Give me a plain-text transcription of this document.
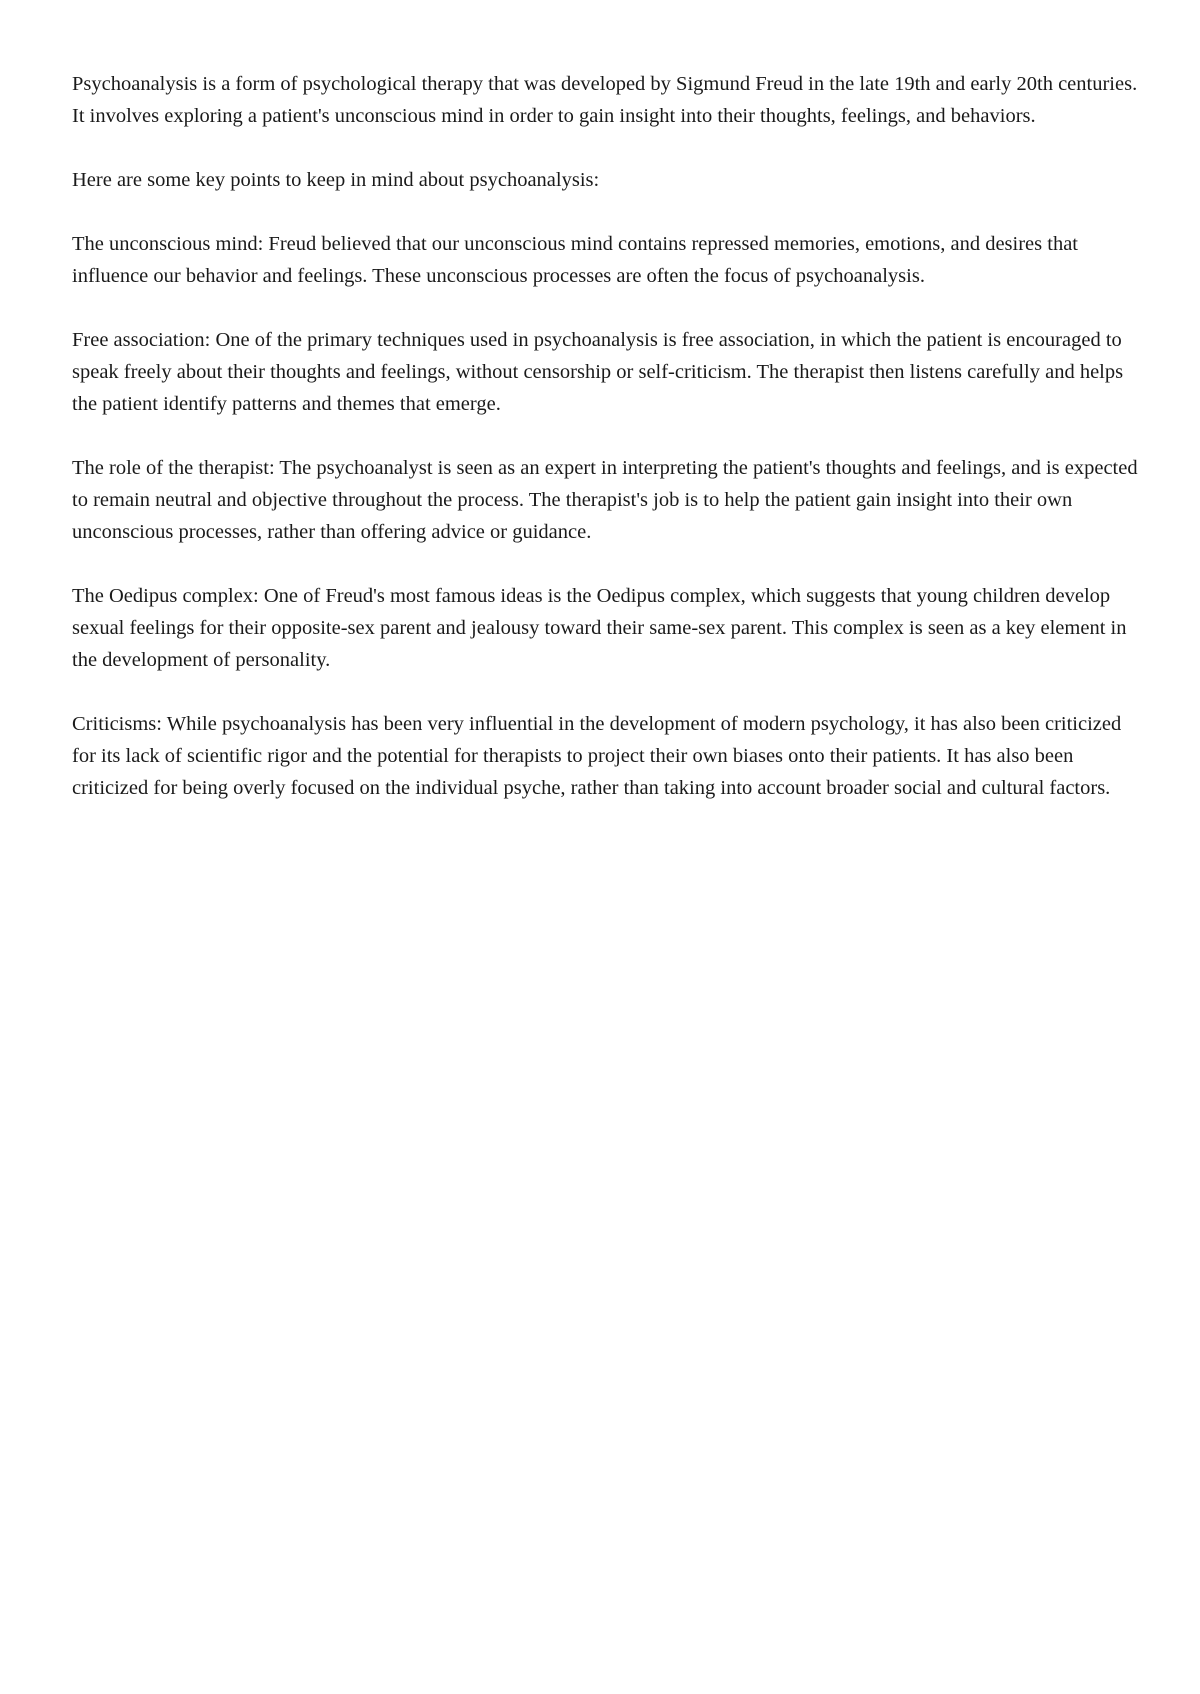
Psychoanalysis is a form of psychological therapy that was developed by Sigmund Freud in the late 19th and early 20th centuries. It involves exploring a patient's unconscious mind in order to gain insight into their thoughts, feelings, and behaviors.

Here are some key points to keep in mind about psychoanalysis:

The unconscious mind: Freud believed that our unconscious mind contains repressed memories, emotions, and desires that influence our behavior and feelings. These unconscious processes are often the focus of psychoanalysis.

Free association: One of the primary techniques used in psychoanalysis is free association, in which the patient is encouraged to speak freely about their thoughts and feelings, without censorship or self-criticism. The therapist then listens carefully and helps the patient identify patterns and themes that emerge.

The role of the therapist: The psychoanalyst is seen as an expert in interpreting the patient's thoughts and feelings, and is expected to remain neutral and objective throughout the process. The therapist's job is to help the patient gain insight into their own unconscious processes, rather than offering advice or guidance.

The Oedipus complex: One of Freud's most famous ideas is the Oedipus complex, which suggests that young children develop sexual feelings for their opposite-sex parent and jealousy toward their same-sex parent. This complex is seen as a key element in the development of personality.

Criticisms: While psychoanalysis has been very influential in the development of modern psychology, it has also been criticized for its lack of scientific rigor and the potential for therapists to project their own biases onto their patients. It has also been criticized for being overly focused on the individual psyche, rather than taking into account broader social and cultural factors.
